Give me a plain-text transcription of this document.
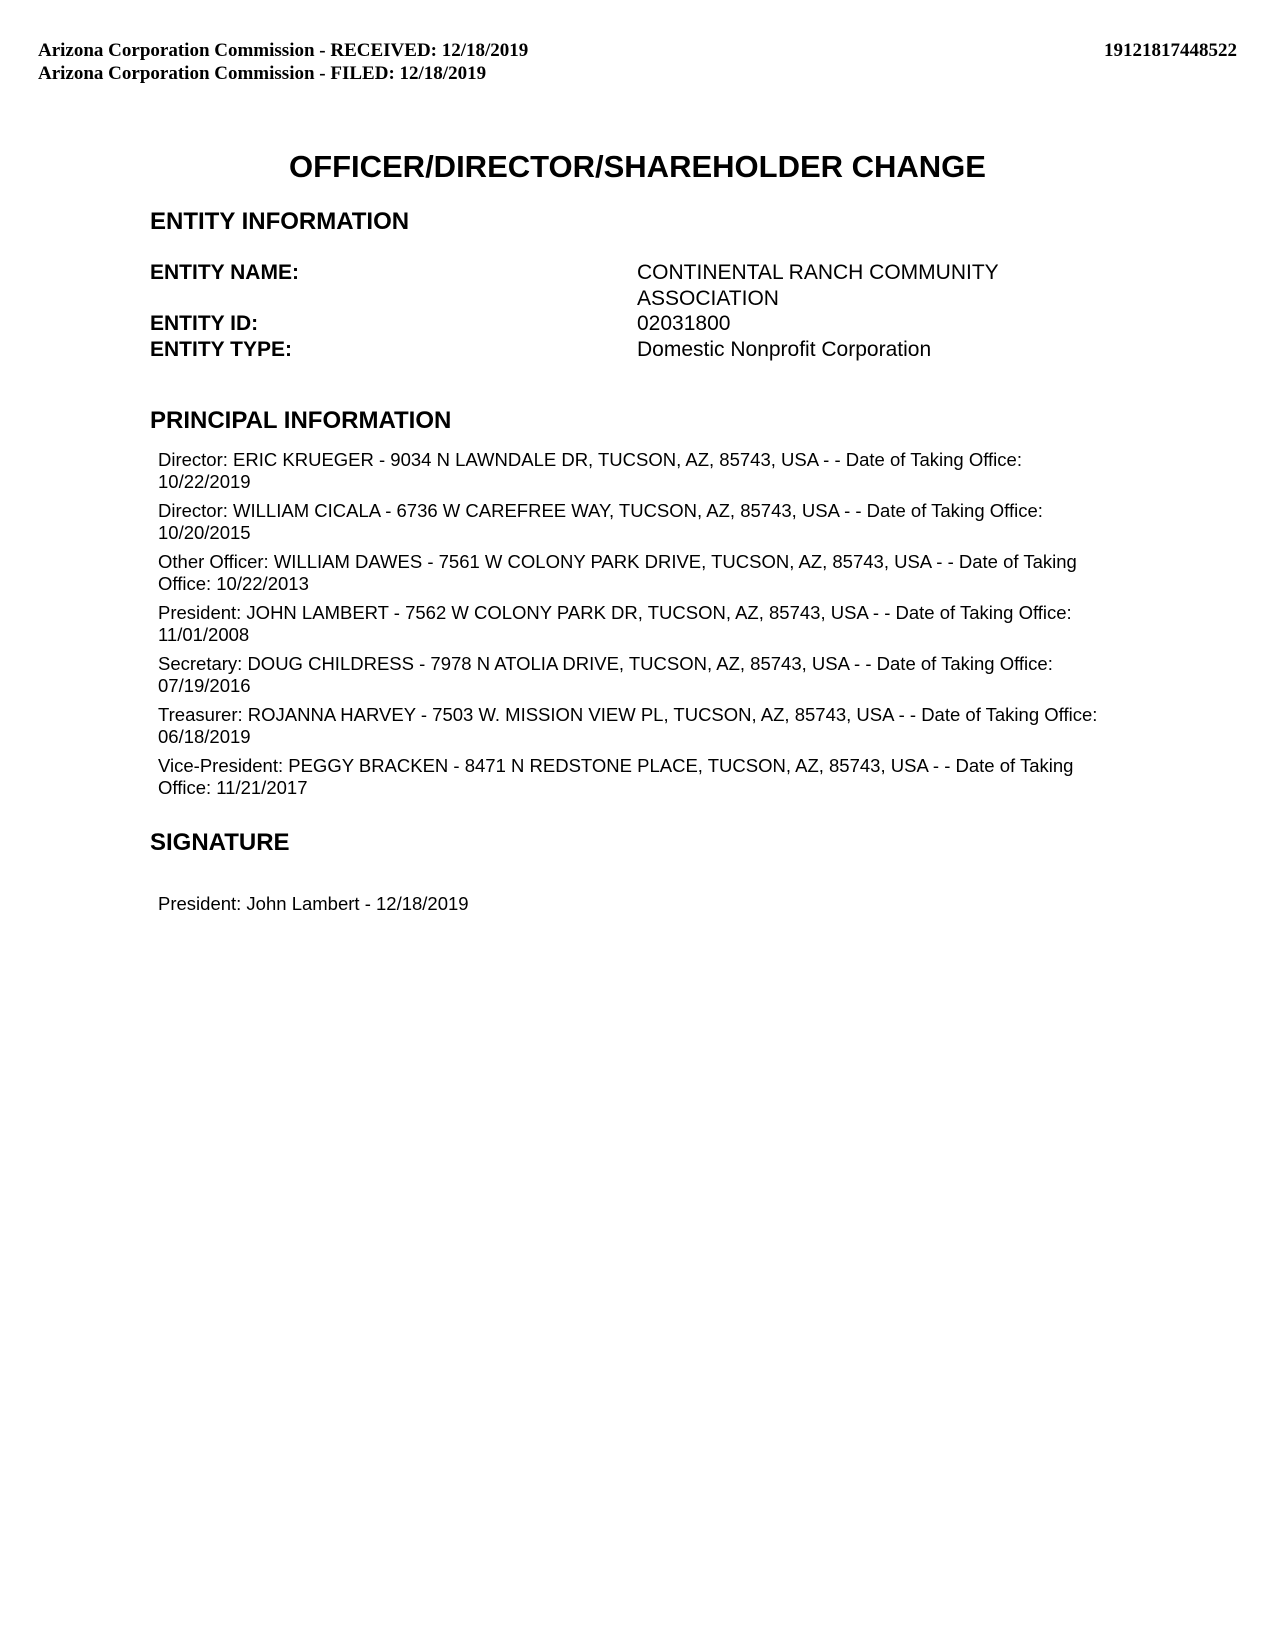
Arizona Corporation Commission - RECEIVED: 12/18/2019
Arizona Corporation Commission - FILED: 12/18/2019
19121817448522
OFFICER/DIRECTOR/SHAREHOLDER CHANGE
ENTITY INFORMATION
ENTITY NAME:	CONTINENTAL RANCH COMMUNITY
ASSOCIATION
ENTITY ID:	02031800
ENTITY TYPE:	Domestic Nonprofit Corporation
PRINCIPAL INFORMATION
Director: ERIC KRUEGER - 9034 N LAWNDALE DR, TUCSON, AZ, 85743, USA - - Date of Taking Office: 10/22/2019
Director: WILLIAM CICALA - 6736 W CAREFREE WAY, TUCSON, AZ, 85743, USA - - Date of Taking Office: 10/20/2015
Other Officer: WILLIAM DAWES - 7561 W COLONY PARK DRIVE, TUCSON, AZ, 85743, USA - - Date of Taking Office: 10/22/2013
President: JOHN LAMBERT - 7562 W COLONY PARK DR, TUCSON, AZ, 85743, USA - - Date of Taking Office: 11/01/2008
Secretary: DOUG CHILDRESS - 7978 N ATOLIA DRIVE, TUCSON, AZ, 85743, USA - - Date of Taking Office: 07/19/2016
Treasurer: ROJANNA HARVEY - 7503 W. MISSION VIEW PL, TUCSON, AZ, 85743, USA - - Date of Taking Office: 06/18/2019
Vice-President: PEGGY BRACKEN - 8471 N REDSTONE PLACE, TUCSON, AZ, 85743, USA - - Date of Taking Office: 11/21/2017
SIGNATURE
President: John Lambert - 12/18/2019
